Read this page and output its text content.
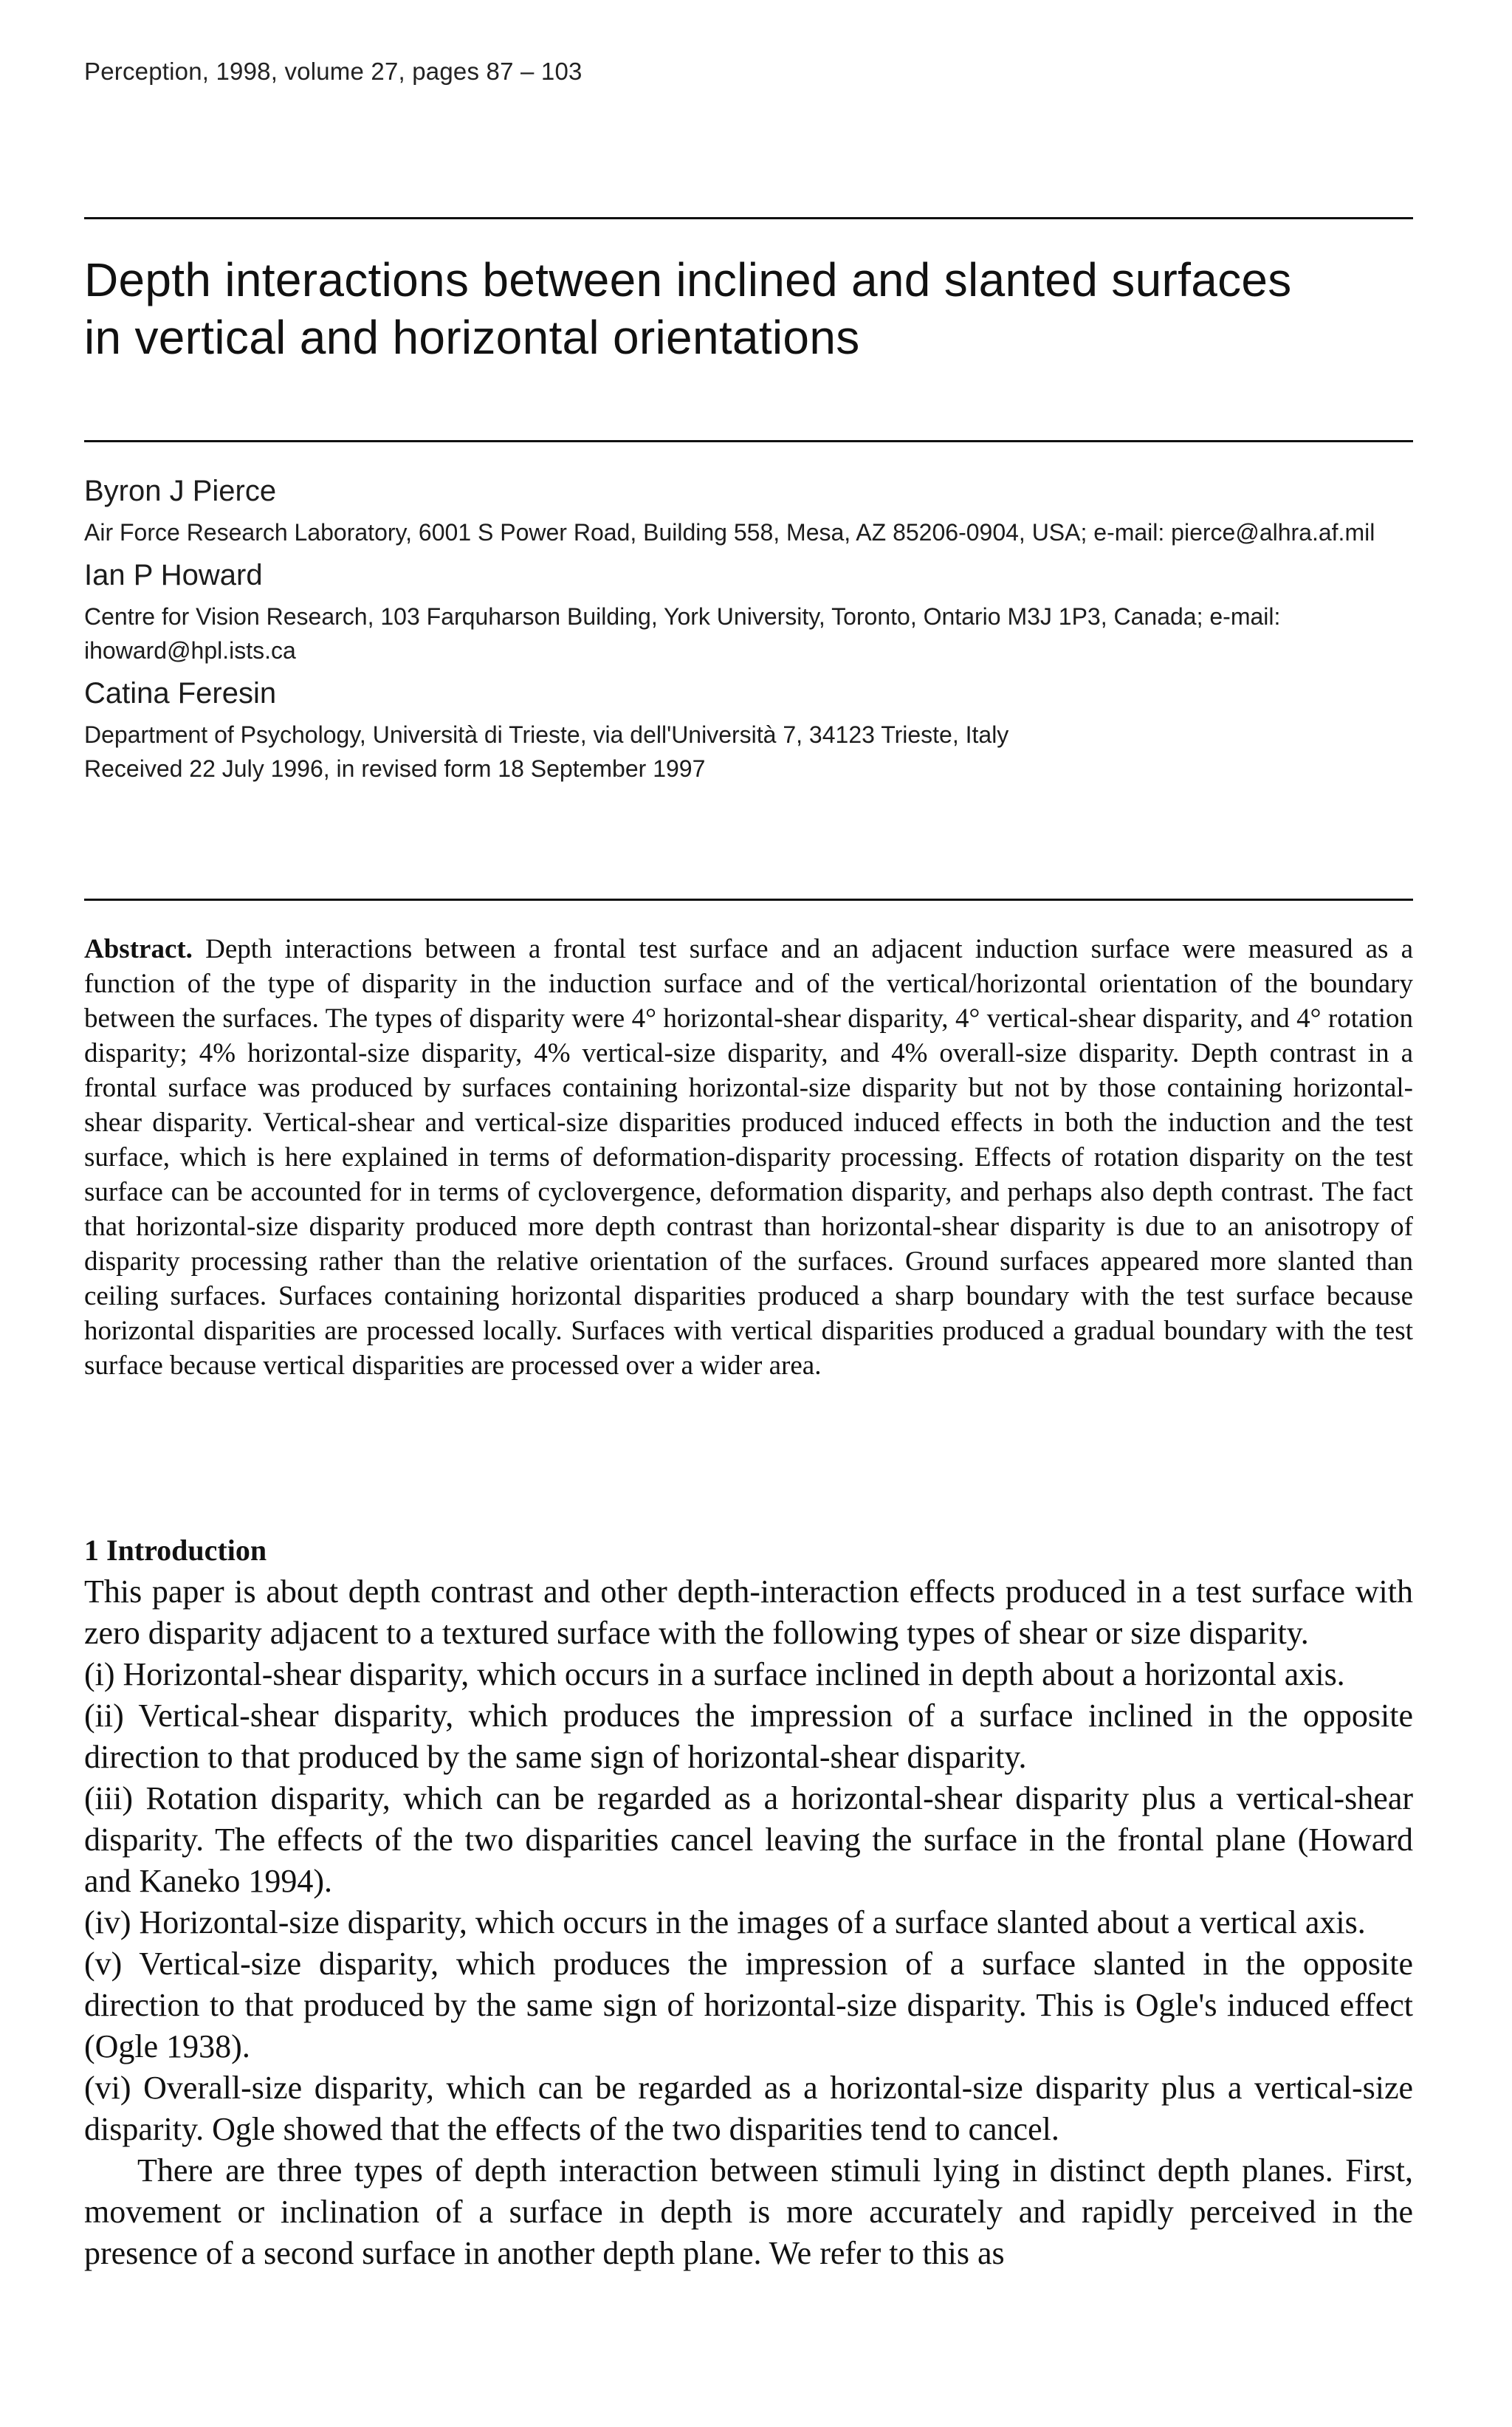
Perception, 1998, volume 27, pages 87 – 103
Depth interactions between inclined and slanted surfaces
in vertical and horizontal orientations
Byron J Pierce
Air Force Research Laboratory, 6001 S Power Road, Building 558, Mesa, AZ 85206-0904, USA; e-mail: pierce@alhra.af.mil
Ian P Howard
Centre for Vision Research, 103 Farquharson Building, York University, Toronto, Ontario M3J 1P3, Canada; e-mail: ihoward@hpl.ists.ca
Catina Feresin
Department of Psychology, Università di Trieste, via dell'Università 7, 34123 Trieste, Italy
Received 22 July 1996, in revised form 18 September 1997

Abstract. Depth interactions between a frontal test surface and an adjacent induction surface were measured as a function of the type of disparity in the induction surface and of the vertical/horizontal orientation of the boundary between the surfaces. The types of disparity were 4° horizontal-shear disparity, 4° vertical-shear disparity, and 4° rotation disparity; 4% horizontal-size disparity, 4% vertical-size disparity, and 4% overall-size disparity. Depth contrast in a frontal surface was produced by surfaces containing horizontal-size disparity but not by those containing horizontal-shear disparity. Vertical-shear and vertical-size disparities produced induced effects in both the induction and the test surface, which is here explained in terms of deformation-disparity processing. Effects of rotation disparity on the test surface can be accounted for in terms of cyclovergence, deformation disparity, and perhaps also depth contrast. The fact that horizontal-size disparity produced more depth contrast than horizontal-shear disparity is due to an anisotropy of disparity processing rather than the relative orientation of the surfaces. Ground surfaces appeared more slanted than ceiling surfaces. Surfaces containing horizontal disparities produced a sharp boundary with the test surface because horizontal disparities are processed locally. Surfaces with vertical disparities produced a gradual boundary with the test surface because vertical disparities are processed over a wider area.

1 Introduction

This paper is about depth contrast and other depth-interaction effects produced in a test surface with zero disparity adjacent to a textured surface with the following types of shear or size disparity.

(i) Horizontal-shear disparity, which occurs in a surface inclined in depth about a horizontal axis.

(ii) Vertical-shear disparity, which produces the impression of a surface inclined in the opposite direction to that produced by the same sign of horizontal-shear disparity.

(iii) Rotation disparity, which can be regarded as a horizontal-shear disparity plus a vertical-shear disparity. The effects of the two disparities cancel leaving the surface in the frontal plane (Howard and Kaneko 1994).

(iv) Horizontal-size disparity, which occurs in the images of a surface slanted about a vertical axis.

(v) Vertical-size disparity, which produces the impression of a surface slanted in the opposite direction to that produced by the same sign of horizontal-size disparity. This is Ogle's induced effect (Ogle 1938).

(vi) Overall-size disparity, which can be regarded as a horizontal-size disparity plus a vertical-size disparity. Ogle showed that the effects of the two disparities tend to cancel.

There are three types of depth interaction between stimuli lying in distinct depth planes. First, movement or inclination of a surface in depth is more accurately and rapidly perceived in the presence of a second surface in another depth plane. We refer to this as
